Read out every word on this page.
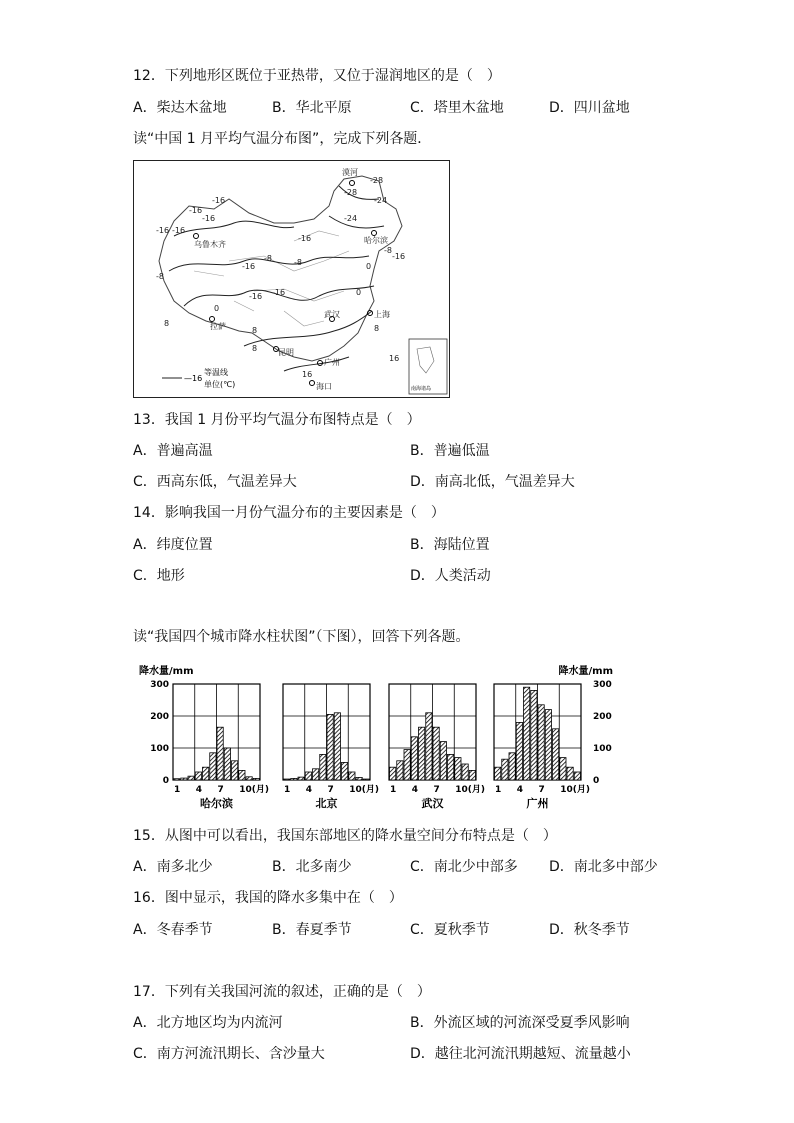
12．下列地形区既位于亚热带，又位于湿润地区的是（　）
A．柴达木盆地	B．华北平原	C．塔里木盆地	D．四川盆地
读“中国 1 月平均气温分布图”，完成下列各题．
漠河
哈尔滨
乌鲁木齐
拉萨
武汉	上海
昆明
广州
海口
-28
-28
-24
-24
-16 -16
-16
-16
-16
-16
-8
-8
-8
-16
-8
-16
-16
-16	0
0
0
8
8	8
8
16
16
—16
等温线
单位(℃)	南海诸岛
13．我国 1 月份平均气温分布图特点是（　）
A．普遍高温	B．普遍低温
C．西高东低，气温差异大	D．南高北低，气温差异大
14．影响我国一月份气温分布的主要因素是（　）
A．纬度位置	B．海陆位置
C．地形	D．人类活动
读“我国四个城市降水柱状图”（下图），回答下列各题。
1 4 7 10(月)
哈尔滨
0
100
200
300
降水量/mm
1 4 7 10(月)
北京
1 4 7 10(月)
武汉
1 4 7 10(月)
广州
0
100
200
300
降水量/mm
15．从图中可以看出，我国东部地区的降水量空间分布特点是（　）
A．南多北少	B．北多南少	C．南北少中部多 D．南北多中部少
16．图中显示，我国的降水多集中在（　）
A．冬春季节	B．春夏季节	C．夏秋季节	D．秋冬季节
17．下列有关我国河流的叙述，正确的是（　）
A．北方地区均为内流河	B．外流区域的河流深受夏季风影响
C．南方河流汛期长、含沙量大	D．越往北河流汛期越短、流量越小
